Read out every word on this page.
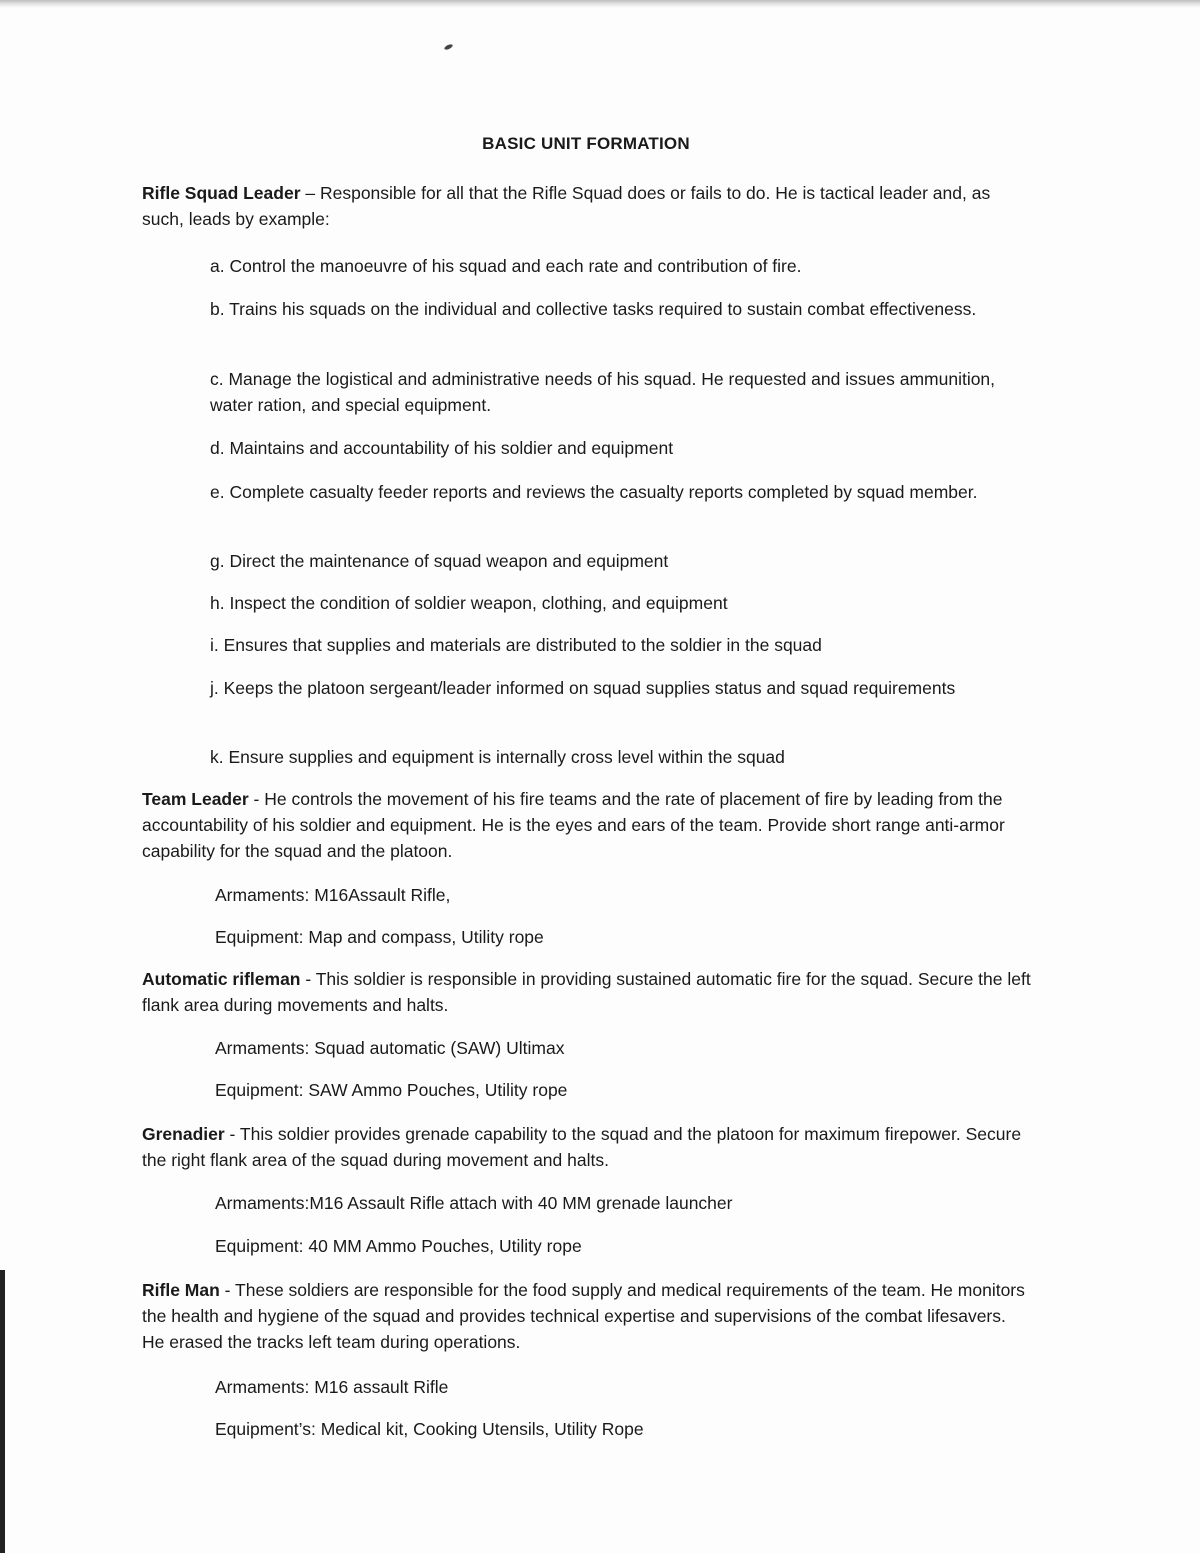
BASIC UNIT FORMATION
Rifle Squad Leader – Responsible for all that the Rifle Squad does or fails to do. He is tactical leader and, as such, leads by example:
a. Control the manoeuvre of his squad and each rate and contribution of fire.
b. Trains his squads on the individual and collective tasks required to sustain combat effectiveness.
c. Manage the logistical and administrative needs of his squad. He requested and issues ammunition, water ration, and special equipment.
d. Maintains and accountability of his soldier and equipment
e. Complete casualty feeder reports and reviews the casualty reports completed by squad member.
g. Direct the maintenance of squad weapon and equipment
h. Inspect the condition of soldier weapon, clothing, and equipment
i. Ensures that supplies and materials are distributed to the soldier in the squad
j. Keeps the platoon sergeant/leader informed on squad supplies status and squad requirements
k. Ensure supplies and equipment is internally cross level within the squad
Team Leader - He controls the movement of his fire teams and the rate of placement of fire by leading from the accountability of his soldier and equipment. He is the eyes and ears of the team. Provide short range anti-armor capability for the squad and the platoon.
Armaments: M16Assault Rifle,
Equipment: Map and compass, Utility rope
Automatic rifleman - This soldier is responsible in providing sustained automatic fire for the squad. Secure the left flank area during movements and halts.
Armaments: Squad automatic (SAW) Ultimax
Equipment: SAW Ammo Pouches, Utility rope
Grenadier - This soldier provides grenade capability to the squad and the platoon for maximum firepower. Secure the right flank area of the squad during movement and halts.
Armaments:M16 Assault Rifle attach with 40 MM grenade launcher
Equipment: 40 MM Ammo Pouches, Utility rope
Rifle Man - These soldiers are responsible for the food supply and medical requirements of the team. He monitors the health and hygiene of the squad and provides technical expertise and supervisions of the combat lifesavers. He erased the tracks left team during operations.
Armaments: M16 assault Rifle
Equipment’s: Medical kit, Cooking Utensils, Utility Rope
